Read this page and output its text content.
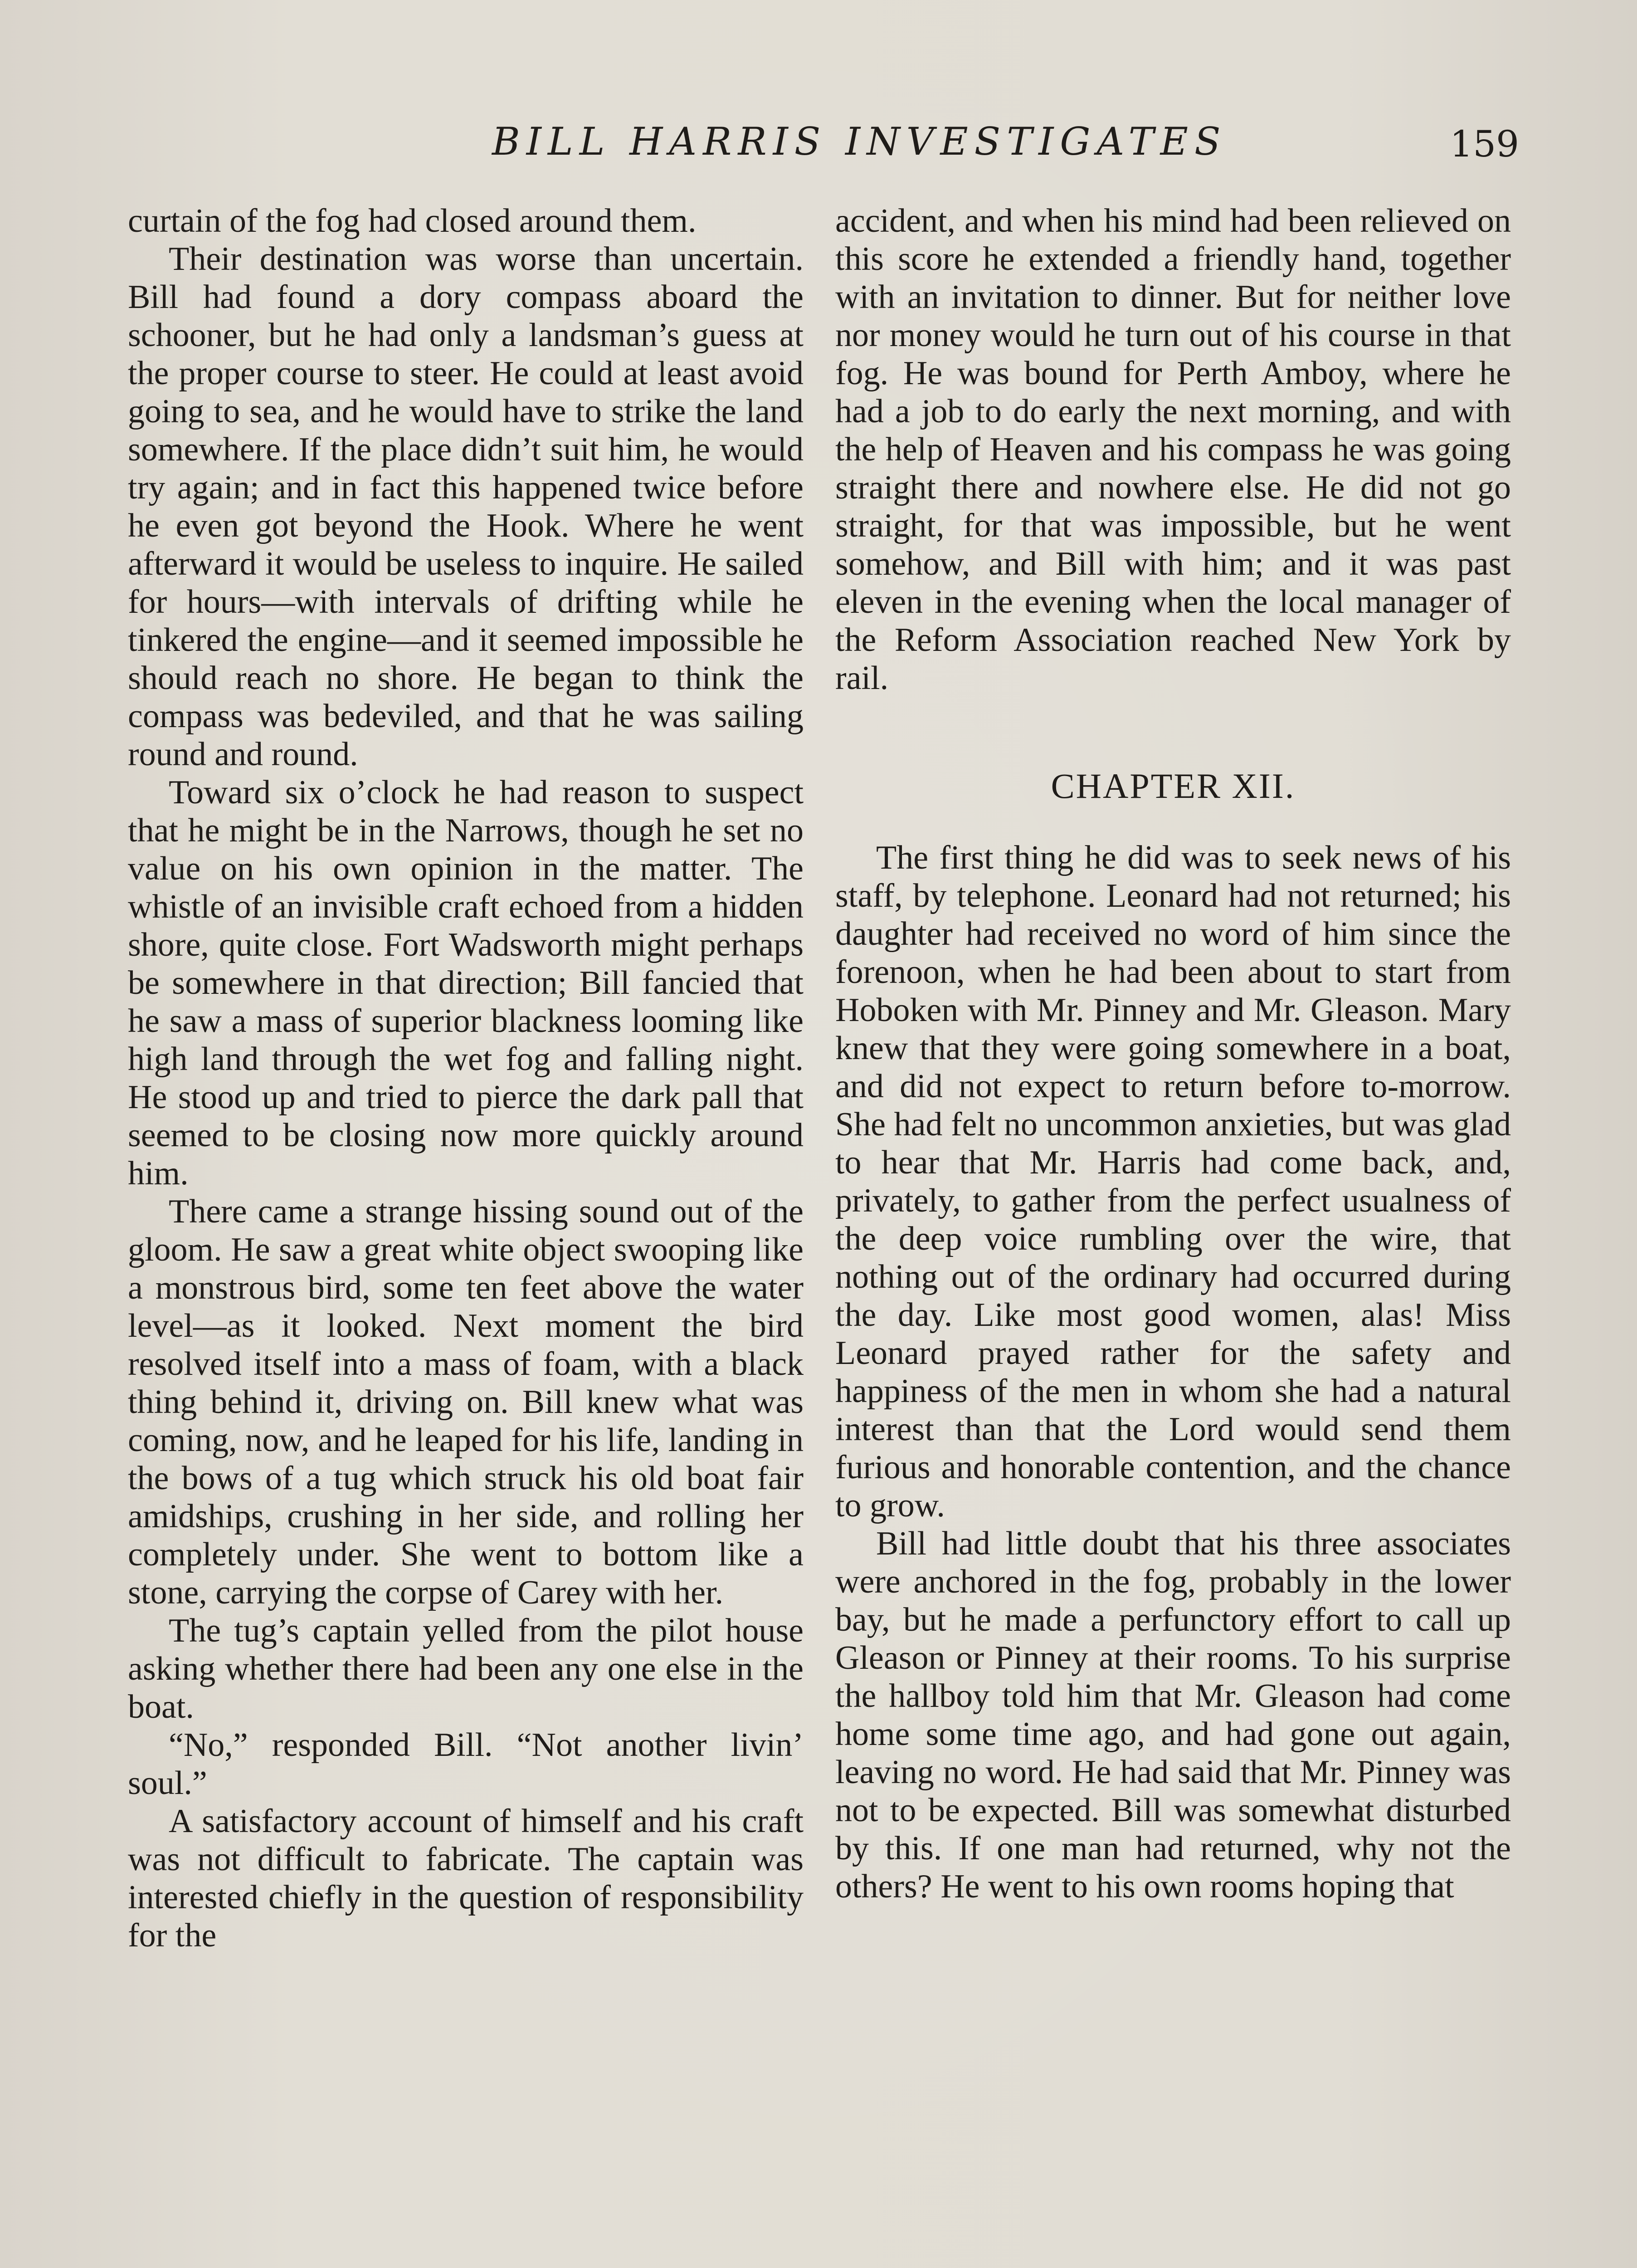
BILL HARRIS INVESTIGATES	159

curtain of the fog had closed around them.

Their destination was worse than uncertain. Bill had found a dory compass aboard the schooner, but he had only a landsman’s guess at the proper course to steer. He could at least avoid going to sea, and he would have to strike the land somewhere. If the place didn’t suit him, he would try again; and in fact this happened twice before he even got beyond the Hook. Where he went afterward it would be useless to inquire. He sailed for hours—with intervals of drifting while he tinkered the engine—and it seemed impossible he should reach no shore. He began to think the compass was bedeviled, and that he was sailing round and round.

Toward six o’clock he had reason to suspect that he might be in the Narrows, though he set no value on his own opinion in the matter. The whistle of an invisible craft echoed from a hidden shore, quite close. Fort Wadsworth might perhaps be somewhere in that direction; Bill fancied that he saw a mass of superior blackness looming like high land through the wet fog and falling night. He stood up and tried to pierce the dark pall that seemed to be closing now more quickly around him.

There came a strange hissing sound out of the gloom. He saw a great white object swooping like a monstrous bird, some ten feet above the water level—as it looked. Next moment the bird resolved itself into a mass of foam, with a black thing behind it, driving on. Bill knew what was coming, now, and he leaped for his life, landing in the bows of a tug which struck his old boat fair amidships, crushing in her side, and rolling her completely under. She went to bottom like a stone, carrying the corpse of Carey with her.

The tug’s captain yelled from the pilot house asking whether there had been any one else in the boat.

“No,” responded Bill. “Not another livin’ soul.”

A satisfactory account of himself and his craft was not difficult to fabricate. The captain was interested chiefly in the question of responsibility for the

accident, and when his mind had been relieved on this score he extended a friendly hand, together with an invitation to dinner. But for neither love nor money would he turn out of his course in that fog. He was bound for Perth Amboy, where he had a job to do early the next morning, and with the help of Heaven and his compass he was going straight there and nowhere else. He did not go straight, for that was impossible, but he went somehow, and Bill with him; and it was past eleven in the evening when the local manager of the Reform Association reached New York by rail.

CHAPTER XII.

The first thing he did was to seek news of his staff, by telephone. Leonard had not returned; his daughter had received no word of him since the forenoon, when he had been about to start from Hoboken with Mr. Pinney and Mr. Gleason. Mary knew that they were going somewhere in a boat, and did not expect to return before to-morrow. She had felt no uncommon anxieties, but was glad to hear that Mr. Harris had come back, and, privately, to gather from the perfect usualness of the deep voice rumbling over the wire, that nothing out of the ordinary had occurred during the day. Like most good women, alas! Miss Leonard prayed rather for the safety and happiness of the men in whom she had a natural interest than that the Lord would send them furious and honorable contention, and the chance to grow.

Bill had little doubt that his three associates were anchored in the fog, probably in the lower bay, but he made a perfunctory effort to call up Gleason or Pinney at their rooms. To his surprise the hallboy told him that Mr. Gleason had come home some time ago, and had gone out again, leaving no word. He had said that Mr. Pinney was not to be expected. Bill was somewhat disturbed by this. If one man had returned, why not the others? He went to his own rooms hoping that
